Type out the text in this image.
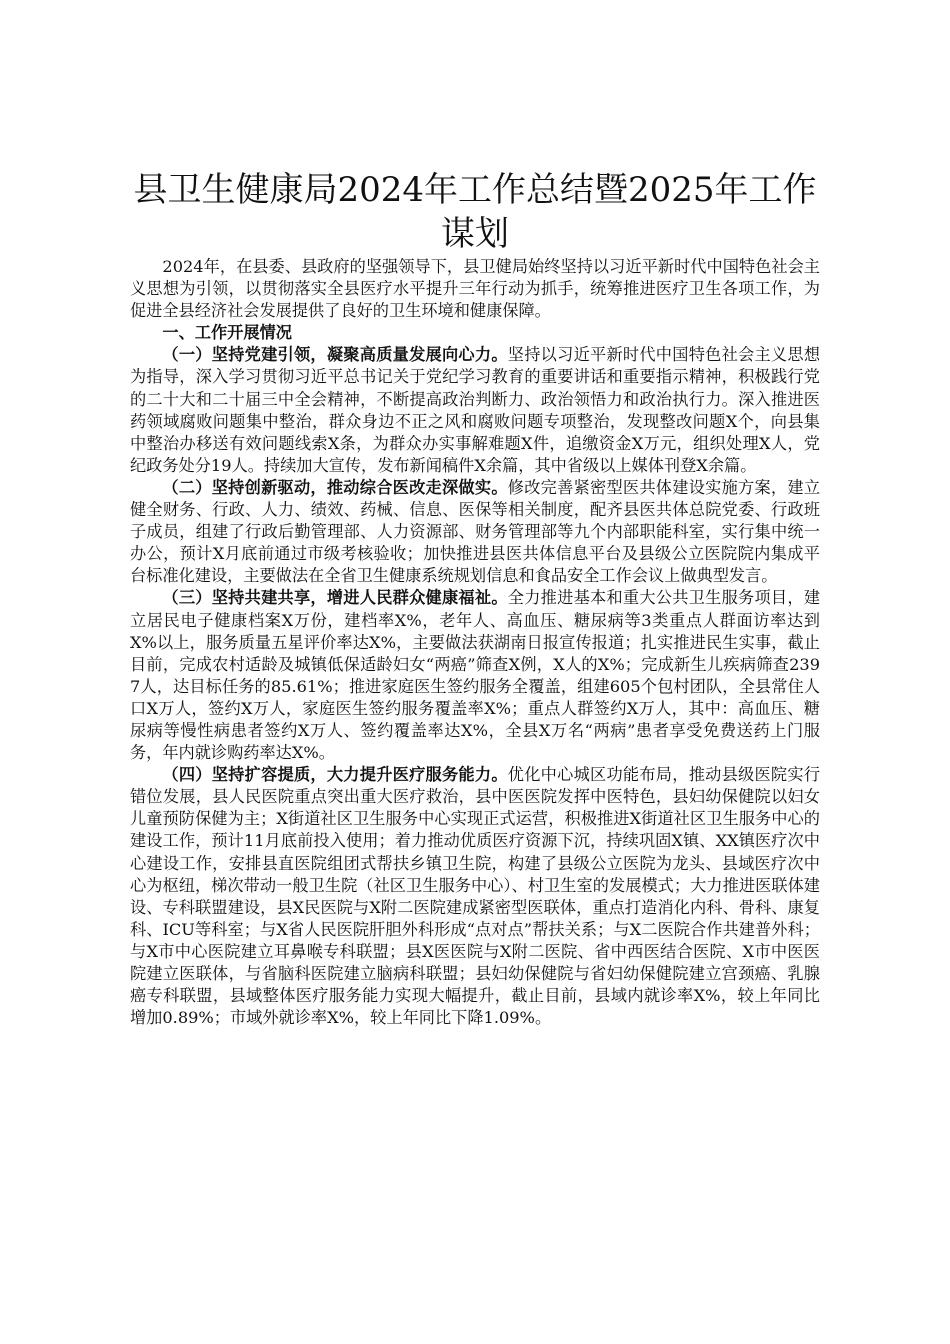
县卫生健康局2024年工作总结暨2025年工作
谋划

2024年，在县委、县政府的坚强领导下，县卫健局始终坚持以习近平新时代中国特色社会主义思想为引领，以贯彻落实全县医疗水平提升三年行动为抓手，统筹推进医疗卫生各项工作，为促进全县经济社会发展提供了良好的卫生环境和健康保障。

一、工作开展情况

（一）坚持党建引领，凝聚高质量发展向心力。坚持以习近平新时代中国特色社会主义思想为指导，深入学习贯彻习近平总书记关于党纪学习教育的重要讲话和重要指示精神，积极践行党的二十大和二十届三中全会精神，不断提高政治判断力、政治领悟力和政治执行力。深入推进医药领域腐败问题集中整治，群众身边不正之风和腐败问题专项整治，发现整改问题X个，向县集中整治办移送有效问题线索X条，为群众办实事解难题X件，追缴资金X万元，组织处理X人，党纪政务处分19人。持续加大宣传，发布新闻稿件X余篇，其中省级以上媒体刊登X余篇。

（二）坚持创新驱动，推动综合医改走深做实。修改完善紧密型医共体建设实施方案，建立健全财务、行政、人力、绩效、药械、信息、医保等相关制度，配齐县医共体总院党委、行政班子成员，组建了行政后勤管理部、人力资源部、财务管理部等九个内部职能科室，实行集中统一办公，预计X月底前通过市级考核验收；加快推进县医共体信息平台及县级公立医院院内集成平台标准化建设，主要做法在全省卫生健康系统规划信息和食品安全工作会议上做典型发言。

（三）坚持共建共享，增进人民群众健康福祉。全力推进基本和重大公共卫生服务项目，建立居民电子健康档案X万份，建档率X%，老年人、高血压、糖尿病等3类重点人群面访率达到X%以上，服务质量五星评价率达X%，主要做法获湖南日报宣传报道；扎实推进民生实事，截止目前，完成农村适龄及城镇低保适龄妇女“两癌”筛查X例，X人的X%；完成新生儿疾病筛查2397人，达目标任务的85.61%；推进家庭医生签约服务全覆盖，组建605个包村团队，全县常住人口X万人，签约X万人，家庭医生签约服务覆盖率X%；重点人群签约X万人，其中：高血压、糖尿病等慢性病患者签约X万人、签约覆盖率达X%，全县X万名“两病”患者享受免费送药上门服务，年内就诊购药率达X%。

（四）坚持扩容提质，大力提升医疗服务能力。优化中心城区功能布局，推动县级医院实行错位发展，县人民医院重点突出重大医疗救治，县中医医院发挥中医特色，县妇幼保健院以妇女儿童预防保健为主；X街道社区卫生服务中心实现正式运营，积极推进X街道社区卫生服务中心的建设工作，预计11月底前投入使用；着力推动优质医疗资源下沉，持续巩固X镇、XX镇医疗次中心建设工作，安排县直医院组团式帮扶乡镇卫生院，构建了县级公立医院为龙头、县域医疗次中心为枢纽，梯次带动一般卫生院（社区卫生服务中心）、村卫生室的发展模式；大力推进医联体建设、专科联盟建设，县X民医院与X附二医院建成紧密型医联体，重点打造消化内科、骨科、康复科、ICU等科室；与X省人民医院肝胆外科形成“点对点”帮扶关系；与X二医院合作共建普外科；与X市中心医院建立耳鼻喉专科联盟；县X医医院与X附二医院、省中西医结合医院、X市中医医院建立医联体，与省脑科医院建立脑病科联盟；县妇幼保健院与省妇幼保健院建立宫颈癌、乳腺癌专科联盟，县域整体医疗服务能力实现大幅提升，截止目前，县域内就诊率X%，较上年同比增加0.89%；市域外就诊率X%，较上年同比下降1.09%。
